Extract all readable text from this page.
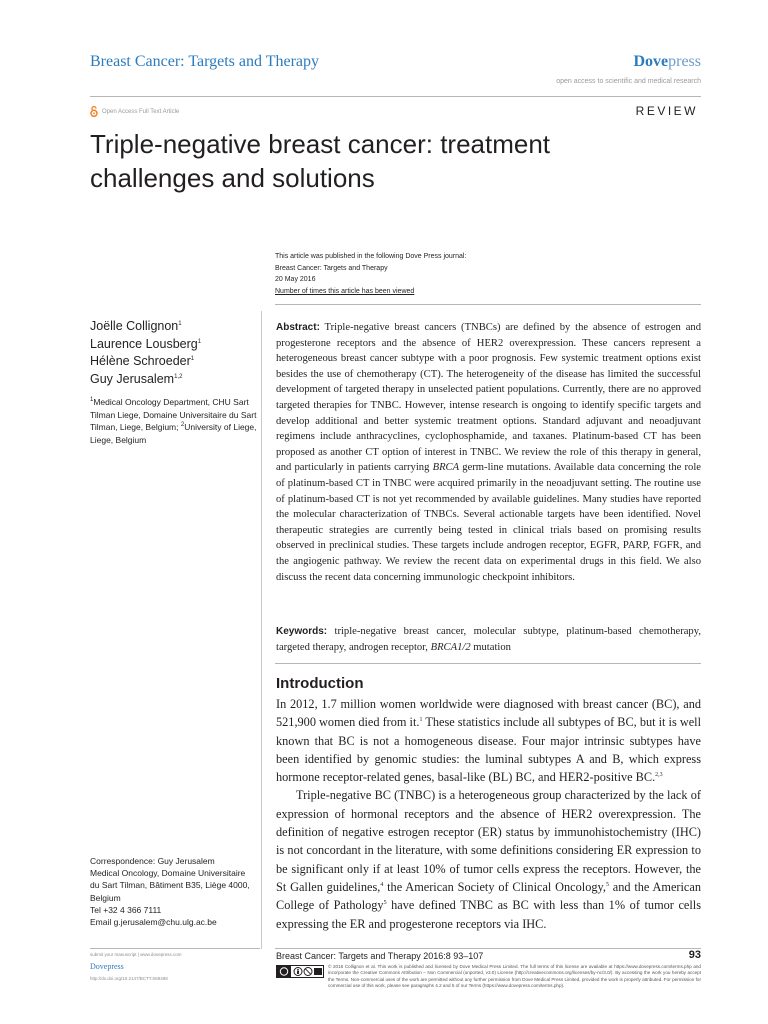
Breast Cancer: Targets and Therapy	Dovepress
open access to scientific and medical research
Open Access Full Text Article	REVIEW
Triple-negative breast cancer: treatment
challenges and solutions
This article was published in the following Dove Press journal:
Breast Cancer: Targets and Therapy
20 May 2016
Number of times this article has been viewed
Joëlle Collignon$^1$
Laurence Lousberg$^1$
Hélène Schroeder$^1$
Guy Jerusalem$^{1,2}$
$^1$Medical Oncology Department, CHU Sart Tilman Liege, Domaine Universitaire du Sart Tilman, Liege, Belgium; $^2$University of Liege, Liege, Belgium
Abstract: Triple-negative breast cancers (TNBCs) are defined by the absence of estrogen and progesterone receptors and the absence of HER2 overexpression. These cancers represent a heterogeneous breast cancer subtype with a poor prognosis. Few systemic treatment options exist besides the use of chemotherapy (CT). The heterogeneity of the disease has limited the successful development of targeted therapy in unselected patient populations. Currently, there are no approved targeted therapies for TNBC. However, intense research is ongoing to identify specific targets and develop additional and better systemic treatment options. Standard adjuvant and neoadjuvant regimens include anthracyclines, cyclophosphamide, and taxanes. Platinum-based CT has been proposed as another CT option of interest in TNBC. We review the role of this therapy in general, and particularly in patients carrying BRCA germ-line mutations. Available data concerning the role of platinum-based CT in TNBC were acquired primarily in the neoadjuvant setting. The routine use of platinum-based CT is not yet recommended by available guidelines. Many studies have reported the molecular characterization of TNBCs. Several actionable targets have been identified. Novel therapeutic strategies are currently being tested in clinical trials based on promising results observed in preclinical studies. These targets include androgen receptor, EGFR, PARP, FGFR, and the angiogenic pathway. We review the recent data on experimental drugs in this field. We also discuss the recent data concerning immunologic checkpoint inhibitors.
Keywords: triple-negative breast cancer, molecular subtype, platinum-based chemotherapy, targeted therapy, androgen receptor, BRCA1/2 mutation
Introduction

In 2012, 1.7 million women worldwide were diagnosed with breast cancer (BC), and 521,900 women died from it.$^1$ These statistics include all subtypes of BC, but it is well known that BC is not a homogeneous disease. Four major intrinsic subtypes have been identified by genomic studies: the luminal subtypes A and B, which express hormone receptor-related genes, basal-like (BL) BC, and HER2-positive BC.$^{2,3}$

Triple-negative BC (TNBC) is a heterogeneous group characterized by the lack of expression of hormonal receptors and the absence of HER2 overexpression. The definition of negative estrogen receptor (ER) status by immunohistochemistry (IHC) is not concordant in the literature, with some definitions considering ER expression to be significant only if at least 10% of tumor cells express the receptors. However, the St Gallen guidelines,$^4$ the American Society of Clinical Oncology,$^5$ and the American College of Pathology$^5$ have defined TNBC as BC with less than 1% of tumor cells expressing the ER and progesterone receptors via IHC.

Correspondence: Guy Jerusalem
Medical Oncology, Domaine Universitaire
du Sart Tilman, Bâtiment B35, Liège 4000,
Belgium
Tel +32 4 366 7111
Email g.jerusalem@chu.ulg.ac.be
submit your manuscript | www.dovepress.com
Dovepress
http://dx.doi.org/10.2147/BCTT.S69488
Breast Cancer: Targets and Therapy 2016:8 93–107	93
© 2016 Collignon et al. This work is published and licensed by Dove Medical Press Limited. The full terms of this license are available at https://www.dovepress.com/terms.php and incorporate the Creative Commons Attribution – Non Commercial (unported, v3.0) License (http://creativecommons.org/licenses/by-nc/3.0/). By accessing the work you hereby accept the Terms. Non-commercial uses of the work are permitted without any further permission from Dove Medical Press Limited, provided the work is properly attributed. For permission for commercial use of this work, please see paragraphs 4.2 and 5 of our Terms (https://www.dovepress.com/terms.php).
